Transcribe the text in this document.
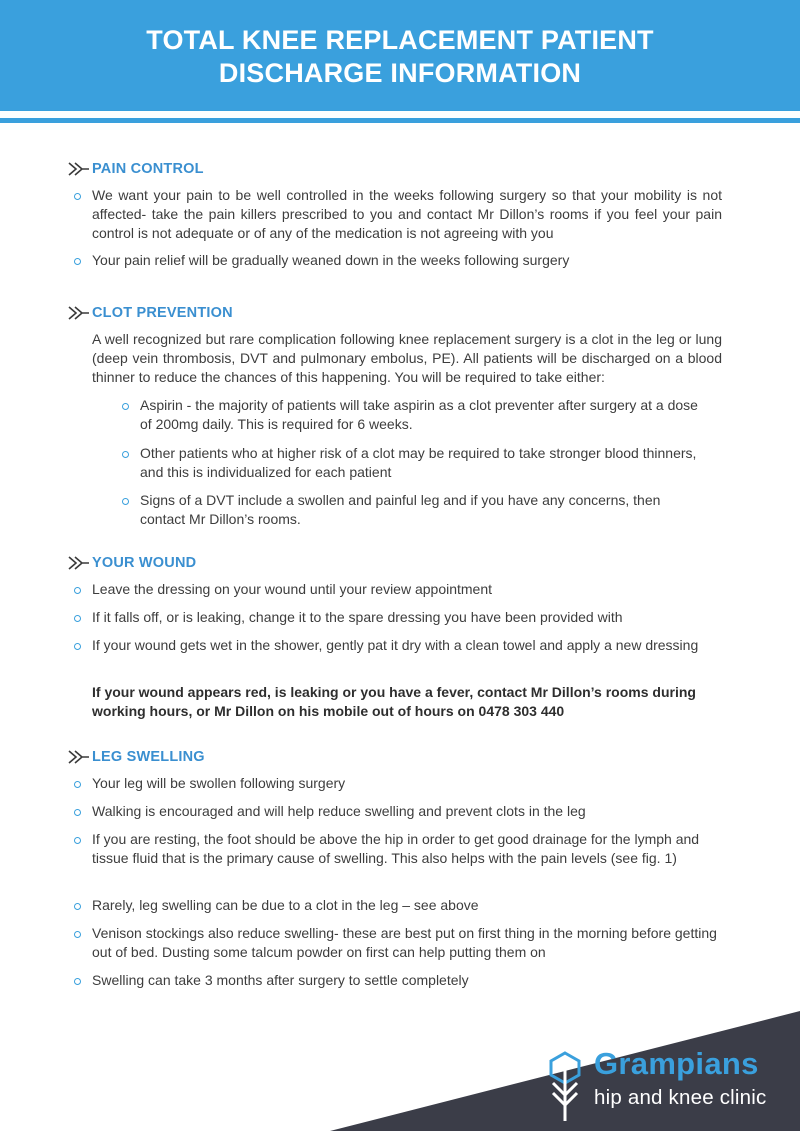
TOTAL KNEE REPLACEMENT PATIENT
DISCHARGE INFORMATION
PAIN CONTROL
We want your pain to be well controlled in the weeks following surgery so that your mobility is not affected- take the pain killers prescribed to you and contact Mr Dillon’s rooms if you feel your pain control is not adequate or of any of the medication is not agreeing with you
Your pain relief will be gradually weaned down in the weeks following surgery
CLOT PREVENTION
A well recognized but rare complication following knee replacement surgery is a clot in the leg or lung (deep vein thrombosis, DVT and pulmonary embolus, PE). All patients will be discharged on a blood thinner to reduce the chances of this happening. You will be required to take either:
Aspirin - the majority of patients will take aspirin as a clot preventer after surgery at a dose of 200mg daily. This is required for 6 weeks.
Other patients who at higher risk of a clot may be required to take stronger blood thinners, and this is individualized for each patient
Signs of a DVT include a swollen and painful leg and if you have any concerns, then contact Mr Dillon’s rooms.
YOUR WOUND
Leave the dressing on your wound until your review appointment
If it falls off, or is leaking, change it to the spare dressing you have been provided with
If your wound gets wet in the shower, gently pat it dry with a clean towel and apply a new dressing
If your wound appears red, is leaking or you have a fever, contact Mr Dillon’s rooms during working hours, or Mr Dillon on his mobile out of hours on 0478 303 440
LEG SWELLING
Your leg will be swollen following surgery
Walking is encouraged and will help reduce swelling and prevent clots in the leg
If you are resting, the foot should be above the hip in order to get good drainage for the lymph and tissue fluid that is the primary cause of swelling. This also helps with the pain levels (see fig. 1)
Rarely, leg swelling can be due to a clot in the leg – see above
Venison stockings also reduce swelling- these are best put on first thing in the morning before getting out of bed. Dusting some talcum powder on first can help putting them on
Swelling can take 3 months after surgery to settle completely
Grampians
hip and knee clinic
